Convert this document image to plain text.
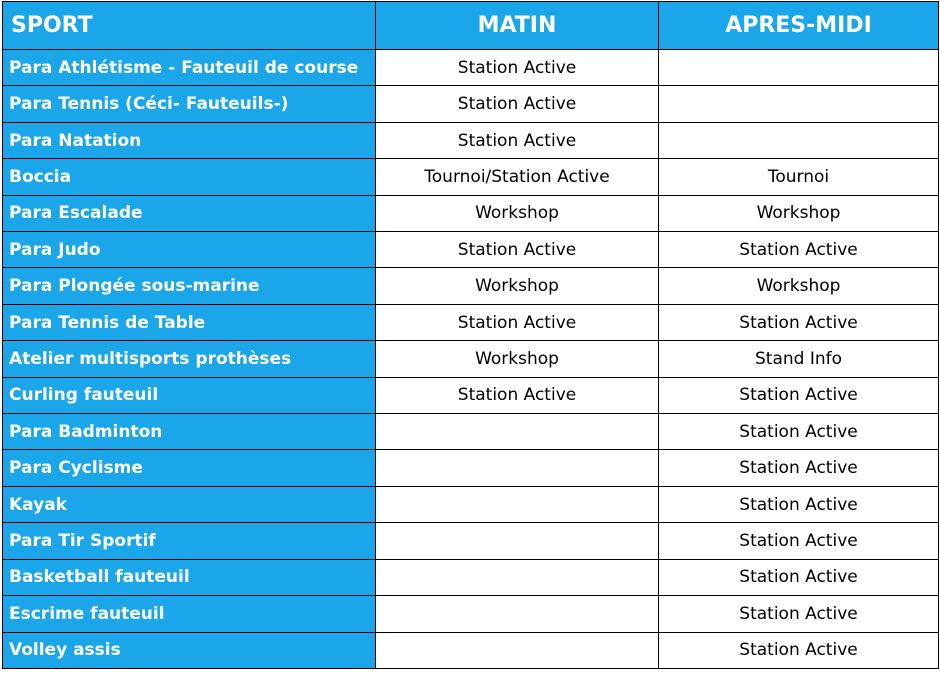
SPORT	MATIN	APRES-MIDI
Para Athlétisme - Fauteuil de course	Station Active	
Para Tennis (Céci- Fauteuils-)	Station Active	
Para Natation	Station Active	
Boccia	Tournoi/Station Active	Tournoi
Para Escalade	Workshop	Workshop
Para Judo	Station Active	Station Active
Para Plongée sous-marine	Workshop	Workshop
Para Tennis de Table	Station Active	Station Active
Atelier multisports prothèses	Workshop	Stand Info
Curling fauteuil	Station Active	Station Active
Para Badminton		Station Active
Para Cyclisme		Station Active
Kayak		Station Active
Para Tir Sportif		Station Active
Basketball fauteuil		Station Active
Escrime fauteuil		Station Active
Volley assis		Station Active
